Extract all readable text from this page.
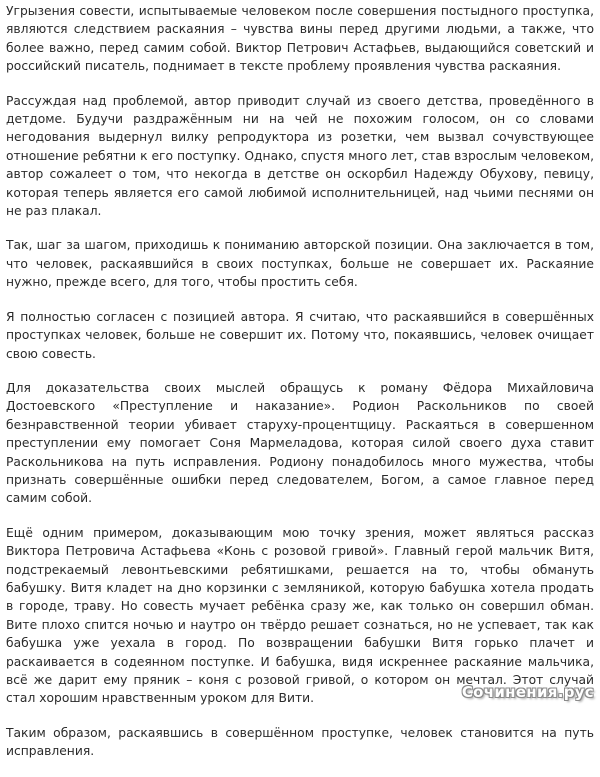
Угрызения совести, испытываемые человеком после совершения постыдного проступка, являются следствием раскаяния – чувства вины перед другими людьми, а также, что более важно, перед самим собой. Виктор Петрович Астафьев, выдающийся советский и российский писатель, поднимает в тексте проблему проявления чувства раскаяния.

Рассуждая над проблемой, автор приводит случай из своего детства, проведённого в детдоме. Будучи раздражённым ни на чей не похожим голосом, он со словами негодования выдернул вилку репродуктора из розетки, чем вызвал сочувствующее отношение ребятни к его поступку. Однако, спустя много лет, став взрослым человеком, автор сожалеет о том, что некогда в детстве он оскорбил Надежду Обухову, певицу, которая теперь является его самой любимой исполнительницей, над чьими песнями он не раз плакал.

Так, шаг за шагом, приходишь к пониманию авторской позиции. Она заключается в том, что человек, раскаявшийся в своих поступках, больше не совершает их. Раскаяние нужно, прежде всего, для того, чтобы простить себя.

Я полностью согласен с позицией автора. Я считаю, что раскаявшийся в совершённых проступках человек, больше не совершит их. Потому что, покаявшись, человек очищает свою совесть.

Для доказательства своих мыслей обращусь к роману Фёдора Михайловича Достоевского «Преступление и наказание». Родион Раскольников по своей безнравственной теории убивает старуху-процентщицу. Раскаяться в совершенном преступлении ему помогает Соня Мармеладова, которая силой своего духа ставит Раскольникова на путь исправления. Родиону понадобилось много мужества, чтобы признать совершённые ошибки перед следователем, Богом, а самое главное перед самим собой.

Ещё одним примером, доказывающим мою точку зрения, может являться рассказ Виктора Петровича Астафьева «Конь с розовой гривой». Главный герой мальчик Витя, подстрекаемый левонтьевскими ребятишками, решается на то, чтобы обмануть бабушку. Витя кладет на дно корзинки с земляникой, которую бабушка хотела продать в городе, траву. Но совесть мучает ребёнка сразу же, как только он совершил обман. Вите плохо спится ночью и наутро он твёрдо решает сознаться, но не успевает, так как бабушка уже уехала в город. По возвращении бабушки Витя горько плачет и раскаивается в содеянном поступке. И бабушка, видя искреннее раскаяние мальчика, всё же дарит ему пряник – коня с розовой гривой, о котором он мечтал. Этот случай стал хорошим нравственным уроком для Вити.

Таким образом, раскаявшись в совершённом проступке, человек становится на путь исправления.

Сочинения.рус
